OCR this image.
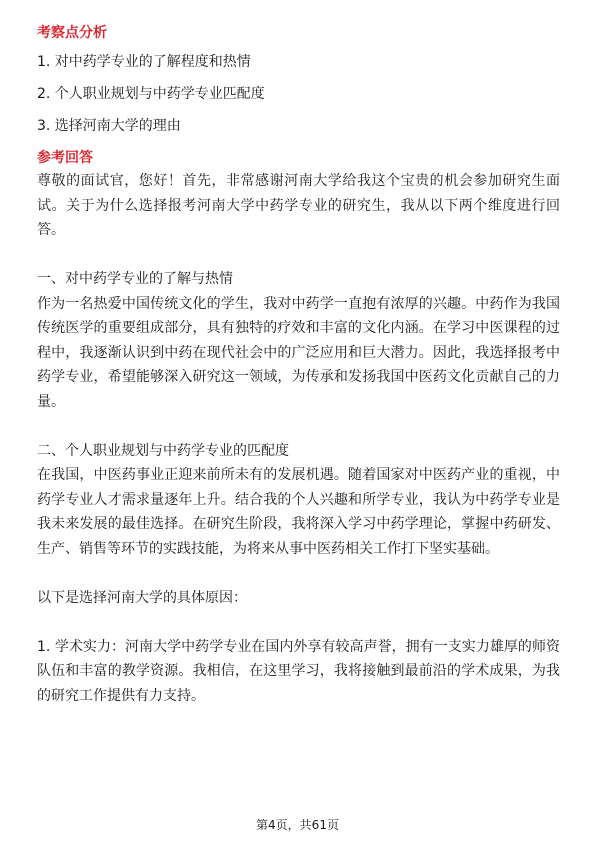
考察点分析
1. 对中药学专业的了解程度和热情
2. 个人职业规划与中药学专业匹配度
3. 选择河南大学的理由
参考回答

尊敬的面试官，您好！首先，非常感谢河南大学给我这个宝贵的机会参加研究生面试。关于为什么选择报考河南大学中药学专业的研究生，我从以下两个维度进行回答。

一、对中药学专业的了解与热情

作为一名热爱中国传统文化的学生，我对中药学一直抱有浓厚的兴趣。中药作为我国传统医学的重要组成部分，具有独特的疗效和丰富的文化内涵。在学习中医课程的过程中，我逐渐认识到中药在现代社会中的广泛应用和巨大潜力。因此，我选择报考中药学专业，希望能够深入研究这一领域，为传承和发扬我国中医药文化贡献自己的力量。

二、个人职业规划与中药学专业的匹配度

在我国，中医药事业正迎来前所未有的发展机遇。随着国家对中医药产业的重视，中药学专业人才需求量逐年上升。结合我的个人兴趣和所学专业，我认为中药学专业是我未来发展的最佳选择。在研究生阶段，我将深入学习中药学理论，掌握中药研发、生产、销售等环节的实践技能，为将来从事中医药相关工作打下坚实基础。

以下是选择河南大学的具体原因：

1. 学术实力：河南大学中药学专业在国内外享有较高声誉，拥有一支实力雄厚的师资队伍和丰富的教学资源。我相信，在这里学习，我将接触到最前沿的学术成果，为我的研究工作提供有力支持。

第4页，共61页
